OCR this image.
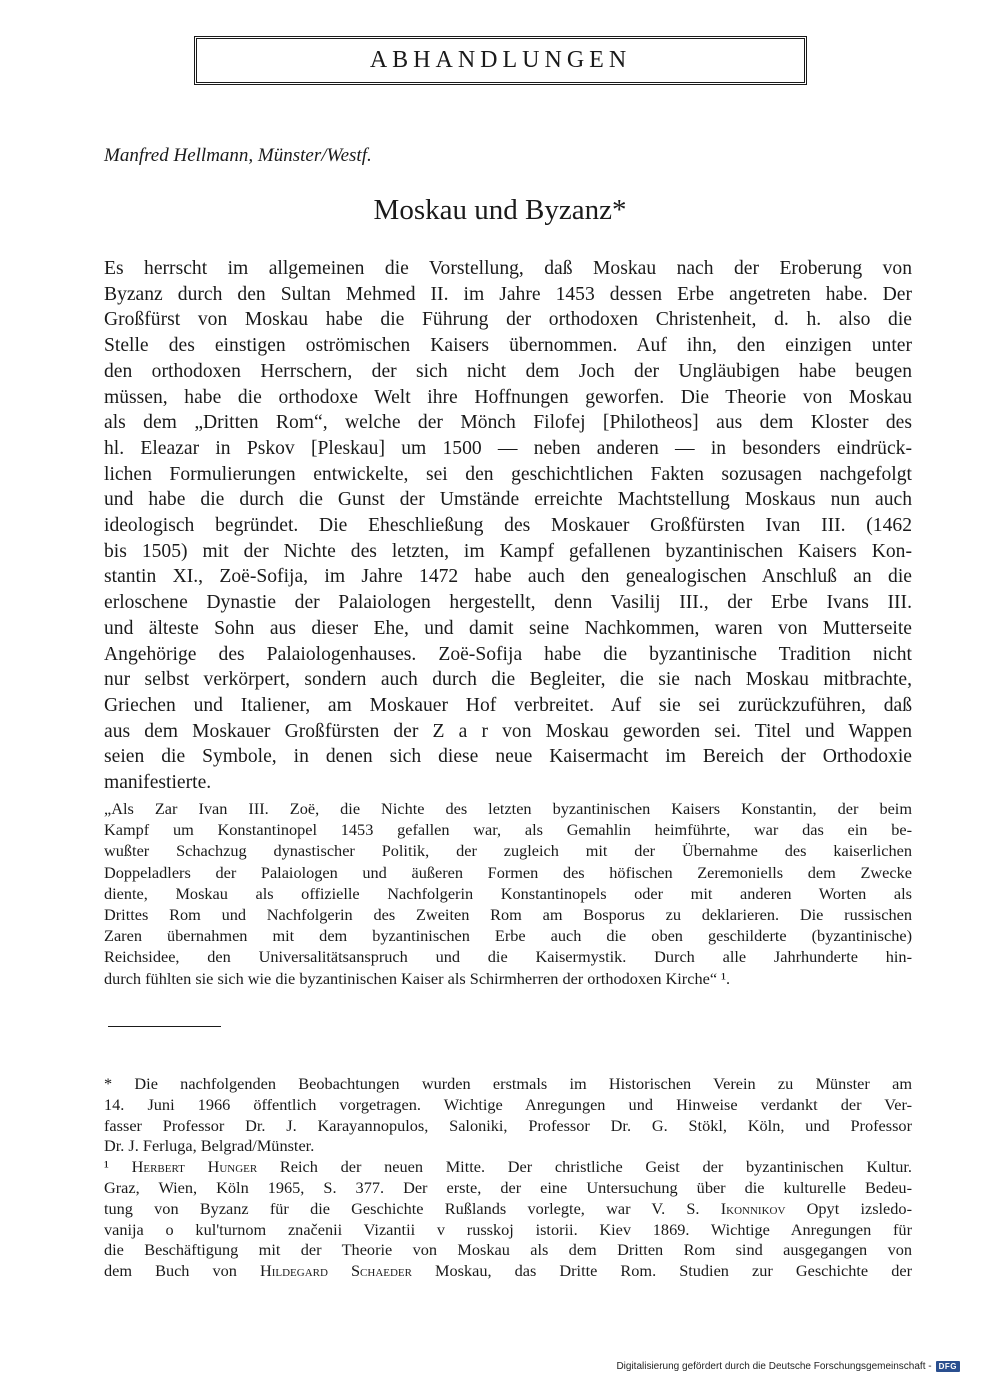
ABHANDLUNGEN
Manfred Hellmann, Münster/Westf.
Moskau und Byzanz*
Es herrscht im allgemeinen die Vorstellung, daß Moskau nach der Eroberung von
Byzanz durch den Sultan Mehmed II. im Jahre 1453 dessen Erbe angetreten habe. Der
Großfürst von Moskau habe die Führung der orthodoxen Christenheit, d. h. also die
Stelle des einstigen oströmischen Kaisers übernommen. Auf ihn, den einzigen unter
den orthodoxen Herrschern, der sich nicht dem Joch der Ungläubigen habe beugen
müssen, habe die orthodoxe Welt ihre Hoffnungen geworfen. Die Theorie von Moskau
als dem „Dritten Rom“, welche der Mönch Filofej [Philotheos] aus dem Kloster des
hl. Eleazar in Pskov [Pleskau] um 1500 — neben anderen — in besonders eindrück-
lichen Formulierungen entwickelte, sei den geschichtlichen Fakten sozusagen nachgefolgt
und habe die durch die Gunst der Umstände erreichte Machtstellung Moskaus nun auch
ideologisch begründet. Die Eheschließung des Moskauer Großfürsten Ivan III. (1462
bis 1505) mit der Nichte des letzten, im Kampf gefallenen byzantinischen Kaisers Kon-
stantin XI., Zoë-Sofija, im Jahre 1472 habe auch den genealogischen Anschluß an die
erloschene Dynastie der Palaiologen hergestellt, denn Vasilij III., der Erbe Ivans III.
und älteste Sohn aus dieser Ehe, und damit seine Nachkommen, waren von Mutterseite
Angehörige des Palaiologenhauses. Zoë-Sofija habe die byzantinische Tradition nicht
nur selbst verkörpert, sondern auch durch die Begleiter, die sie nach Moskau mitbrachte,
Griechen und Italiener, am Moskauer Hof verbreitet. Auf sie sei zurückzuführen, daß
aus dem Moskauer Großfürsten der Z a r von Moskau geworden sei. Titel und Wappen
seien die Symbole, in denen sich diese neue Kaisermacht im Bereich der Orthodoxie
manifestierte.
„Als Zar Ivan III. Zoë, die Nichte des letzten byzantinischen Kaisers Konstantin, der beim
Kampf um Konstantinopel 1453 gefallen war, als Gemahlin heimführte, war das ein be-
wußter Schachzug dynastischer Politik, der zugleich mit der Übernahme des kaiserlichen
Doppeladlers der Palaiologen und äußeren Formen des höfischen Zeremoniells dem Zwecke
diente, Moskau als offizielle Nachfolgerin Konstantinopels oder mit anderen Worten als
Drittes Rom und Nachfolgerin des Zweiten Rom am Bosporus zu deklarieren. Die russischen
Zaren übernahmen mit dem byzantinischen Erbe auch die oben geschilderte (byzantinische)
Reichsidee, den Universalitätsanspruch und die Kaisermystik. Durch alle Jahrhunderte hin-
durch fühlten sie sich wie die byzantinischen Kaiser als Schirmherren der orthodoxen Kirche“ ¹.
* Die nachfolgenden Beobachtungen wurden erstmals im Historischen Verein zu Münster am
14. Juni 1966 öffentlich vorgetragen. Wichtige Anregungen und Hinweise verdankt der Ver-
fasser Professor Dr. J. Karayannopulos, Saloniki, Professor Dr. G. Stökl, Köln, und Professor
Dr. J. Ferluga, Belgrad/Münster.
¹ Herbert Hunger Reich der neuen Mitte. Der christliche Geist der byzantinischen Kultur.
Graz, Wien, Köln 1965, S. 377. Der erste, der eine Untersuchung über die kulturelle Bedeu-
tung von Byzanz für die Geschichte Rußlands vorlegte, war V. S. Ikonnikov Opyt izsledo-
vanija o kul'turnom značenii Vizantii v russkoj istorii. Kiev 1869. Wichtige Anregungen für
die Beschäftigung mit der Theorie von Moskau als dem Dritten Rom sind ausgegangen von
dem Buch von Hildegard Schaeder Moskau, das Dritte Rom. Studien zur Geschichte der
Digitalisierung gefördert durch die Deutsche Forschungsgemeinschaft - DFG
